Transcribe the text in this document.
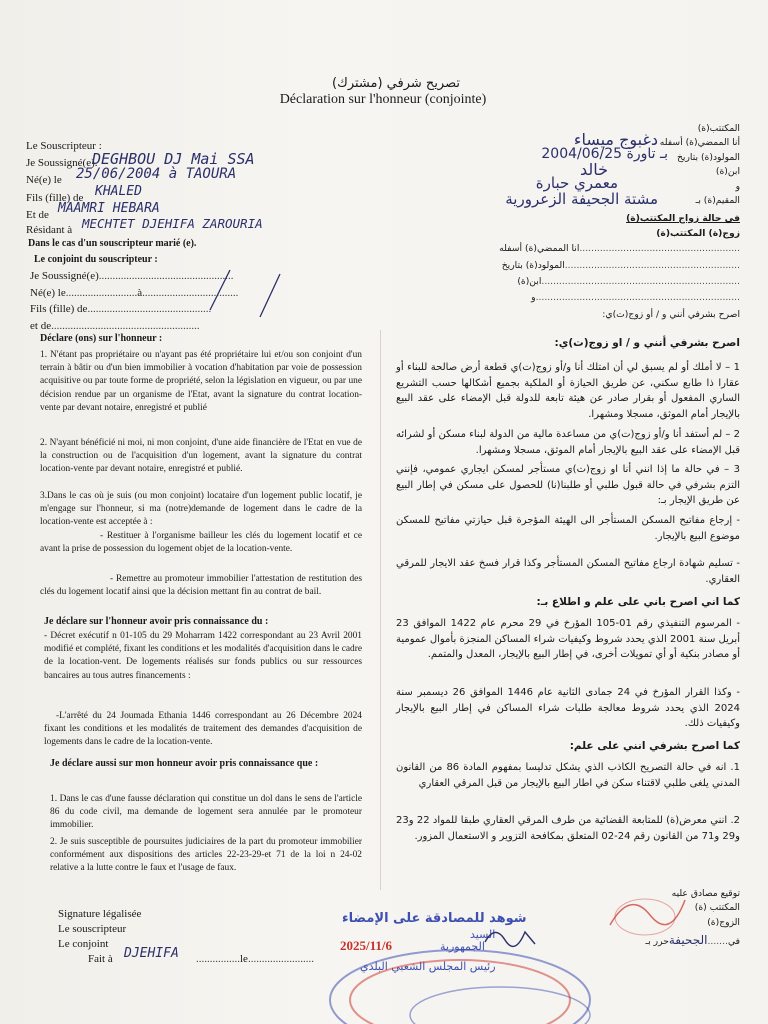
تصريح شرفي (مشترك)
Déclaration sur l'honneur (conjointe)
Le Souscripteur :
Je Soussigné(e).
DEGHBOU DJ Mai SSA
Né(e) le 25/06/2004 à TAOURA
Fils (fille) de KHALED
Et de MAAMRI HEBARA
Résidant à MECHTET DJEHIFA ZAROURIA
Dans le cas d'un souscripteur marié (e).
Le conjoint du souscripteur :
Je Soussigné(e).................................................
Né(e) le..........................à...................................
Fils (fille) de.............................................
et de......................................................
Déclare (ons) sur l'honneur :
1. N'étant pas propriétaire ou n'ayant pas été propriétaire lui et/ou son conjoint d'un terrain à bâtir ou d'un bien immobilier à vocation d'habitation par voie de possession acquisitive ou par toute forme de propriété, selon la législation en vigueur, ou par une décision rendue par un organisme de l'Etat, avant la signature du contrat location-vente par devant notaire, enregistré et publié
2. N'ayant bénéficié ni moi, ni mon conjoint, d'une aide financière de l'Etat en vue de la construction ou de l'acquisition d'un logement, avant la signature du contrat location-vente par devant notaire, enregistré et publié.
3.Dans le cas où je suis (ou mon conjoint) locataire d'un logement public locatif, je m'engage sur l'honneur, si ma (notre)demande de logement dans le cadre de la location-vente est acceptée à :
- Restituer à l'organisme bailleur les clés du logement locatif et ce avant la prise de possession du logement objet de la location-vente.
- Remettre au promoteur immobilier l'attestation de restitution des clés du logement locatif ainsi que la décision mettant fin au contrat de bail.
Je déclare sur l'honneur avoir pris connaissance du :
- Décret exécutif n 01-105 du 29 Moharram 1422 correspondant au 23 Avril 2001 modifié et complété, fixant les conditions et les modalités d'acquisition dans le cadre de la location-vent. De logements réalisés sur fonds publics ou sur ressources bancaires au tous autres financements :
-L'arrêté du 24 Joumada Ethania 1446 correspondant au 26 Décembre 2024 fixant les conditions et les modalités de traitement des demandes d'acquisition de logements dans le cadre de la location-vente.
Je déclare aussi sur mon honneur avoir pris connaissance que :
1. Dans le cas d'une fausse déclaration qui constitue un dol dans le sens de l'article 86 du code civil, ma demande de logement sera annulée par le promoteur immobilier.
2. Je suis susceptible de poursuites judiciaires de la part du promoteur immobilier conformément aux dispositions des articles 22-23-29-et 71 de la loi n 24-02 relative a la lutte contre le faux et l'usage de faux.
Signature légalisée
Le souscripteur
Le conjoint
Fait à DJEHIFA ................le........................
المكتتب(ة)
أنا الممضي(ة) أسفله
دغبوج ميساء
المولود(ة) بتاريخ
2004/06/25 بـ تاورة
ابن(ة)
خالد
و
معمري حبارة
المقيم(ة) بـ
مشتة الجحيفة الزعرورية
في حالة زواج المكتتب(ة)
زوج(ة) المكتتب(ة)
.......................................................انا الممضي(ة) أسفله
............................................................المولود(ة) بتاريخ
....................................................................ابن(ة)
......................................................................و
اصرح بشرفي أنني و / أو زوج(ت)ي:
اصرح بشرفي أنني و / او زوج(ت)ي:
1 – لا أملك أو لم يسبق لي أن امتلك أنا و/أو زوج(ت)ي قطعة أرض صالحة للبناء أو عقارا ذا طابع سكني، عن طريق الحيازة أو الملكية بجميع أشكالها حسب التشريع الساري المفعول أو بقرار صادر عن هيئة تابعة للدولة قبل الإمضاء على عقد البيع بالإيجار أمام الموثق، مسجلا ومشهرا.
2 – لم أستفد أنا و/أو زوج(ت)ي من مساعدة مالية من الدولة لبناء مسكن أو لشرائه قبل الإمضاء على عقد البيع بالإيجار أمام الموثق، مسجلا ومشهرا.
3 – في حالة ما إذا انني أنا او زوج(ت)ي مستأجر لمسكن ايجاري عمومي، فإنني التزم بشرفي في حالة قبول طلبي أو طلبنا(نا) للحصول على مسكن في إطار البيع عن طريق الإيجار بـ:
- إرجاع مفاتيح المسكن المستأجر الى الهيئة المؤجرة قبل حيازتي مفاتيح للمسكن موضوع البيع بالإيجار.
- تسليم شهادة ارجاع مفاتيح المسكن المستأجر وكذا قرار فسخ عقد الايجار للمرقي العقاري.
كما اني اصرح باني على علم و اطلاع بـ:
- المرسوم التنفيذي رقم 01-105 المؤرخ في 29 محرم عام 1422 الموافق 23 أبريل سنة 2001 الذي يحدد شروط وكيفيات شراء المساكن المنجزة بأموال عمومية أو مصادر بنكية أو أي تمويلات أخرى، في إطار البيع بالإيجار، المعدل والمتمم.
- وكذا القرار المؤرخ في 24 جمادى الثانية عام 1446 الموافق 26 ديسمبر سنة 2024 الذي يحدد شروط معالجة طلبات شراء المساكن في إطار البيع بالإيجار وكيفيات ذلك.
كما اصرح بشرفي انني على علم:
1. انه في حالة التصريح الكاذب الذي يشكل تدليسا بمفهوم المادة 86 من القانون المدني يلغى طلبي لاقتناء سكن في اطار البيع بالإيجار من قبل المرقي العقاري
2. انني معرض(ة) للمتابعة القضائية من طرف المرقي العقاري طبقا للمواد 22 و23 و29 و71 من القانون رقم 24-02 المتعلق بمكافحة التزوير و الاستعمال المزور.
توقيع مصادق عليه
المكتتب (ة)
الزوج(ة)
في.......الجحيفةحرر بـ
شوهد للمصادقة على الإمضاء
السيد
2025/11/6	الجمهورية
رئيس المجلس الشعبي البلدي
